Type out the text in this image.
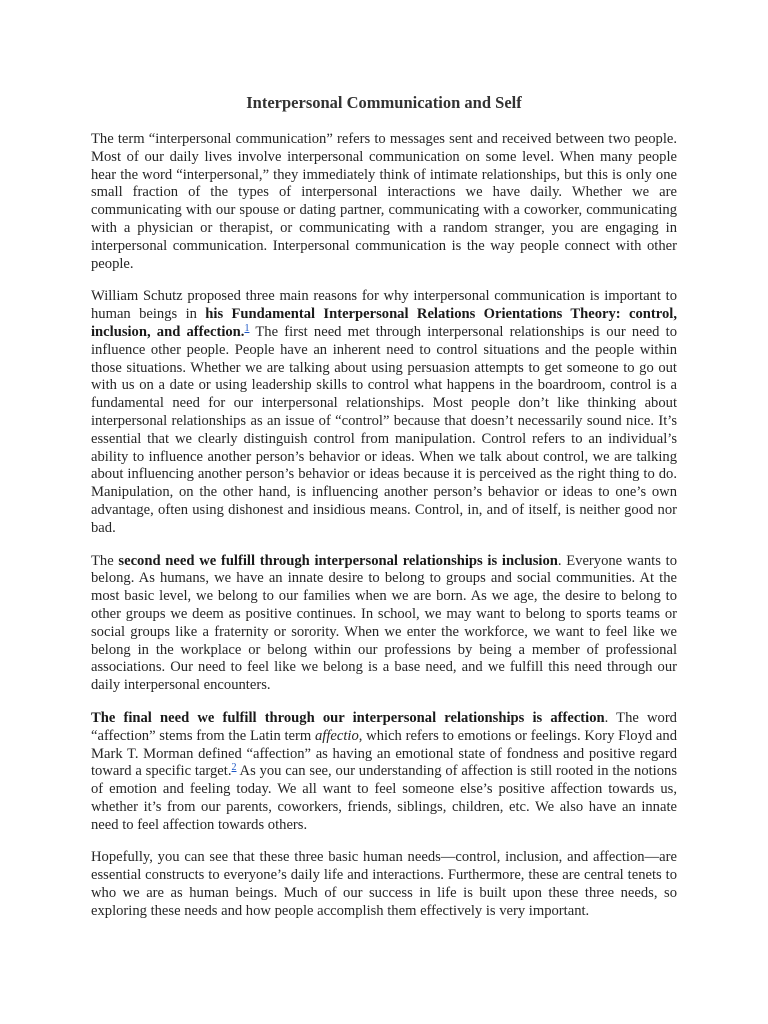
Interpersonal Communication and Self

The term “interpersonal communication” refers to messages sent and received between two people. Most of our daily lives involve interpersonal communication on some level. When many people hear the word “interpersonal,” they immediately think of intimate relationships, but this is only one small fraction of the types of interpersonal interactions we have daily. Whether we are communicating with our spouse or dating partner, communicating with a coworker, communicating with a physician or therapist, or communicating with a random stranger, you are engaging in interpersonal communication. Interpersonal communication is the way people connect with other people.

William Schutz proposed three main reasons for why interpersonal communication is important to human beings in his Fundamental Interpersonal Relations Orientations Theory: control, inclusion, and affection.$^1$ The first need met through interpersonal relationships is our need to influence other people. People have an inherent need to control situations and the people within those situations. Whether we are talking about using persuasion attempts to get someone to go out with us on a date or using leadership skills to control what happens in the boardroom, control is a fundamental need for our interpersonal relationships. Most people don’t like thinking about interpersonal relationships as an issue of “control” because that doesn’t necessarily sound nice. It’s essential that we clearly distinguish control from manipulation. Control refers to an individual’s ability to influence another person’s behavior or ideas. When we talk about control, we are talking about influencing another person’s behavior or ideas because it is perceived as the right thing to do. Manipulation, on the other hand, is influencing another person’s behavior or ideas to one’s own advantage, often using dishonest and insidious means. Control, in, and of itself, is neither good nor bad.

The second need we fulfill through interpersonal relationships is inclusion. Everyone wants to belong. As humans, we have an innate desire to belong to groups and social communities. At the most basic level, we belong to our families when we are born. As we age, the desire to belong to other groups we deem as positive continues. In school, we may want to belong to sports teams or social groups like a fraternity or sorority. When we enter the workforce, we want to feel like we belong in the workplace or belong within our professions by being a member of professional associations. Our need to feel like we belong is a base need, and we fulfill this need through our daily interpersonal encounters.

The final need we fulfill through our interpersonal relationships is affection. The word “affection” stems from the Latin term affectio, which refers to emotions or feelings. Kory Floyd and Mark T. Morman defined “affection” as having an emotional state of fondness and positive regard toward a specific target.$^2$ As you can see, our understanding of affection is still rooted in the notions of emotion and feeling today. We all want to feel someone else’s positive affection towards us, whether it’s from our parents, coworkers, friends, siblings, children, etc. We also have an innate need to feel affection towards others.

Hopefully, you can see that these three basic human needs—control, inclusion, and affection—are essential constructs to everyone’s daily life and interactions. Furthermore, these are central tenets to who we are as human beings. Much of our success in life is built upon these three needs, so exploring these needs and how people accomplish them effectively is very important.
